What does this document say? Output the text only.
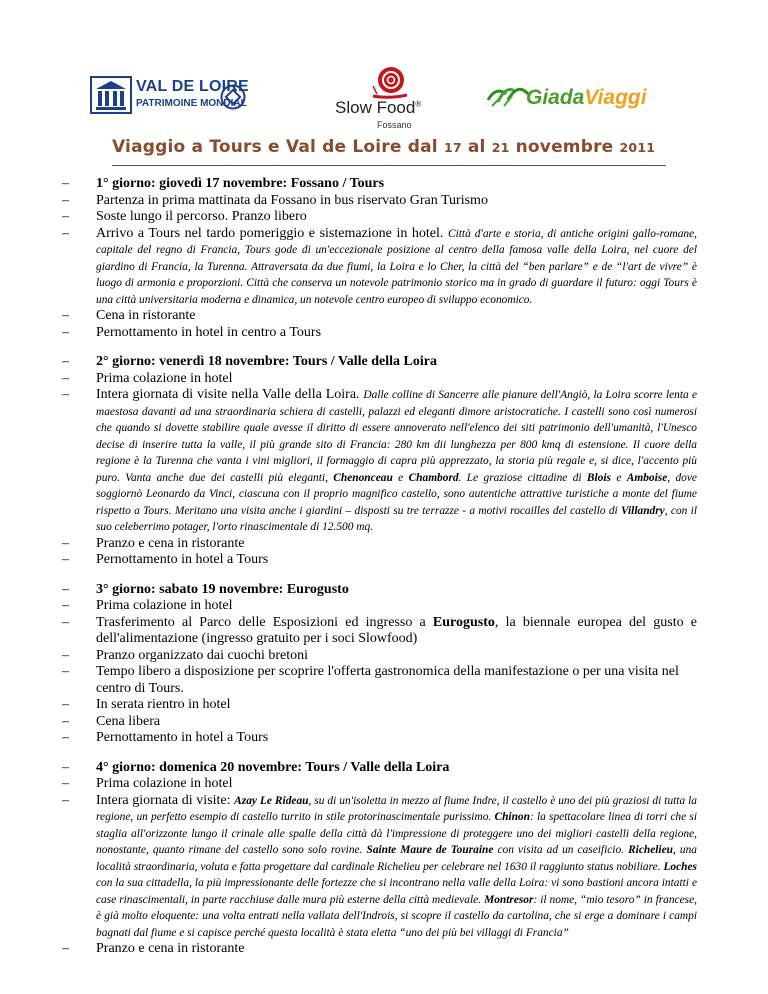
VAL DE LOIRE
PATRIMOINE MONDIAL	Slow Food®
Fossano
GiadaViaggi
Viaggio a Tours e Val de Loire dal 17 al 21 novembre 2011
–	1° giorno: giovedì 17 novembre: Fossano / Tours
–	Partenza in prima mattinata da Fossano in bus riservato Gran Turismo
–	Soste lungo il percorso. Pranzo libero
–	Arrivo a Tours nel tardo pomeriggio e sistemazione in hotel. Città d'arte e storia, di antiche origini gallo-romane, capitale del regno di Francia, Tours gode di un'eccezionale posizione al centro della famosa valle della Loira, nel cuore del giardino di Francia, la Turenna. Attraversata da due fiumi, la Loira e lo Cher, la città del “ben parlare” e de “l'art de vivre” è luogo di armonia e proporzioni. Città che conserva un notevole patrimonio storico ma in grado di guardare il futuro: oggi Tours è una città universitaria moderna e dinamica, un notevole centro europeo di sviluppo economico.
–	Cena in ristorante
–	Pernottamento in hotel in centro a Tours
–	2° giorno: venerdì 18 novembre: Tours / Valle della Loira
–	Prima colazione in hotel
–	Intera giornata di visite nella Valle della Loira. Dalle colline di Sancerre alle pianure dell'Angiò, la Loira scorre lenta e maestosa davanti ad una straordinaria schiera di castelli, palazzi ed eleganti dimore aristocratiche. I castelli sono così numerosi che quando si dovette stabilire quale avesse il diritto di essere annoverato nell'elenco dei siti patrimonio dell'umanità, l'Unesco decise di inserire tutta la valle, il più grande sito di Francia: 280 km dii lunghezza per 800 kmq di estensione. Il cuore della regione è la Turenna che vanta i vini migliori, il formaggio di capra più apprezzato, la storia più regale e, si dice, l'accento più puro. Vanta anche due dei castelli più eleganti, Chenonceau e Chambord. Le graziose cittadine di Blois e Amboise, dove soggiornò Leonardo da Vinci, ciascuna con il proprio magnifico castello, sono autentiche attrattive turistiche a monte del fiume rispetto a Tours. Meritano una visita anche i giardini – disposti su tre terrazze - a motivi rocailles del castello di Villandry, con il suo celeberrimo potager, l'orto rinascimentale di 12.500 mq.
–	Pranzo e cena in ristorante
–	Pernottamento in hotel a Tours
–	3° giorno: sabato 19 novembre: Eurogusto
–	Prima colazione in hotel
–	Trasferimento al Parco delle Esposizioni ed ingresso a Eurogusto, la biennale europea del gusto e dell'alimentazione (ingresso gratuito per i soci Slowfood)
–	Pranzo organizzato dai cuochi bretoni
–	Tempo libero a disposizione per scoprire l'offerta gastronomica della manifestazione o per una visita nel centro di Tours.
–	In serata rientro in hotel
–	Cena libera
–	Pernottamento in hotel a Tours
–	4° giorno: domenica 20 novembre: Tours / Valle della Loira
–	Prima colazione in hotel
–	Intera giornata di visite: Azay Le Rideau, su di un'isoletta in mezzo al fiume Indre, il castello è uno dei più graziosi di tutta la regione, un perfetto esempio di castello turrito in stile protorinascimentale purissimo. Chinon: la spettacolare linea di torri che si staglia all'orizzonte lungo il crinale alle spalle della città dà l'impressione di proteggere uno dei migliori castelli della regione, nonostante, quanto rimane del castello sono solo rovine. Sainte Maure de Touraine con visita ad un caseificio. Richelieu, una località straordinaria, voluta e fatta progettare dal cardinale Richelieu per celebrare nel 1630 il raggiunto status nobiliare. Loches con la sua cittadella, la più impressionante delle fortezze che si incontrano nella valle della Loira: vi sono bastioni ancora intatti e case rinascimentali, in parte racchiuse dalle mura più esterne della città medievale. Montresor: il nome, “mio tesoro” in francese, è già molto eloquente: una volta entrati nella vallata dell'Indrois, si scopre il castello da cartolina, che si erge a dominare i campi bagnati dal fiume e si capisce perché questa località è stata eletta “uno dei più bei villaggi di Francia”
–	Pranzo e cena in ristorante
